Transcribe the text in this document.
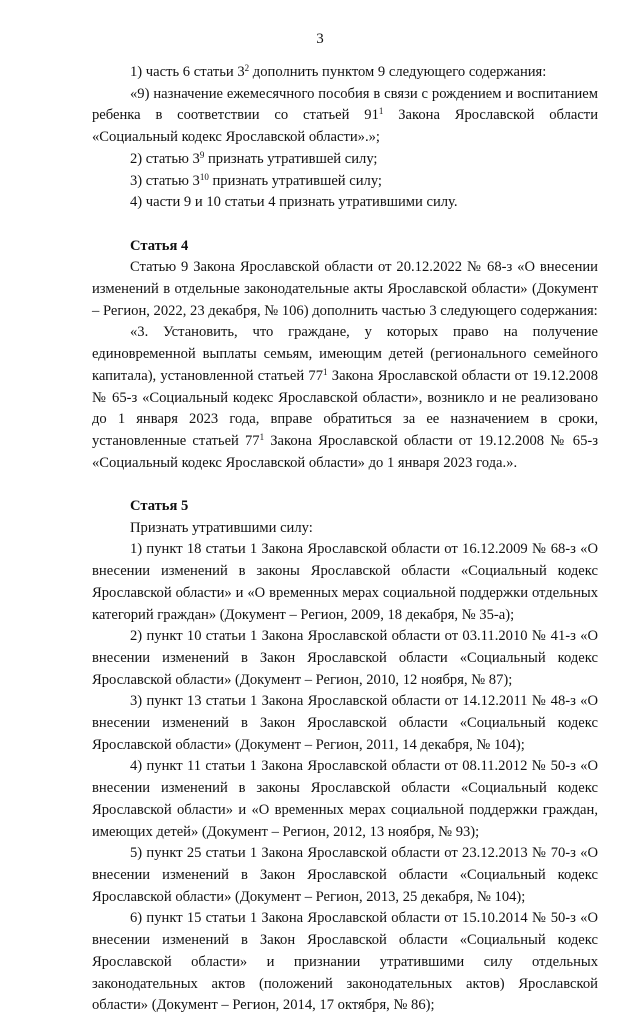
3

1) часть 6 статьи $3^2$ дополнить пунктом 9 следующего содержания:

«9) назначение ежемесячного пособия в связи с рождением и воспитанием ребенка в соответствии со статьей $91^1$ Закона Ярославской области «Социальный кодекс Ярославской области».»;

2) статью $3^9$ признать утратившей силу;

3) статью $3^{10}$ признать утратившей силу;

4) части 9 и 10 статьи 4 признать утратившими силу.

Статья 4

Статью 9 Закона Ярославской области от 20.12.2022 № 68-з «О внесении изменений в отдельные законодательные акты Ярославской области» (Документ – Регион, 2022, 23 декабря, № 106) дополнить частью 3 следующего содержания:

«3. Установить, что граждане, у которых право на получение единовременной выплаты семьям, имеющим детей (регионального семейного капитала), установленной статьей $77^1$ Закона Ярославской области от 19.12.2008 № 65-з «Социальный кодекс Ярославской области», возникло и не реализовано до 1 января 2023 года, вправе обратиться за ее назначением в сроки, установленные статьей $77^1$ Закона Ярославской области от 19.12.2008 № 65-з «Социальный кодекс Ярославской области» до 1 января 2023 года.».

Статья 5

Признать утратившими силу:

1) пункт 18 статьи 1 Закона Ярославской области от 16.12.2009 № 68-з «О внесении изменений в законы Ярославской области «Социальный кодекс Ярославской области» и «О временных мерах социальной поддержки отдельных категорий граждан» (Документ – Регион, 2009, 18 декабря, № 35-а);

2) пункт 10 статьи 1 Закона Ярославской области от 03.11.2010 № 41-з «О внесении изменений в Закон Ярославской области «Социальный кодекс Ярославской области» (Документ – Регион, 2010, 12 ноября, № 87);

3) пункт 13 статьи 1 Закона Ярославской области от 14.12.2011 № 48-з «О внесении изменений в Закон Ярославской области «Социальный кодекс Ярославской области» (Документ – Регион, 2011, 14 декабря, № 104);

4) пункт 11 статьи 1 Закона Ярославской области от 08.11.2012 № 50-з «О внесении изменений в законы Ярославской области «Социальный кодекс Ярославской области» и «О временных мерах социальной поддержки граждан, имеющих детей» (Документ – Регион, 2012, 13 ноября, № 93);

5) пункт 25 статьи 1 Закона Ярославской области от 23.12.2013 № 70-з «О внесении изменений в Закон Ярославской области «Социальный кодекс Ярославской области» (Документ – Регион, 2013, 25 декабря, № 104);

6) пункт 15 статьи 1 Закона Ярославской области от 15.10.2014 № 50-з «О внесении изменений в Закон Ярославской области «Социальный кодекс Ярославской области» и признании утратившими силу отдельных законодательных актов (положений законодательных актов) Ярославской области» (Документ – Регион, 2014, 17 октября, № 86);
